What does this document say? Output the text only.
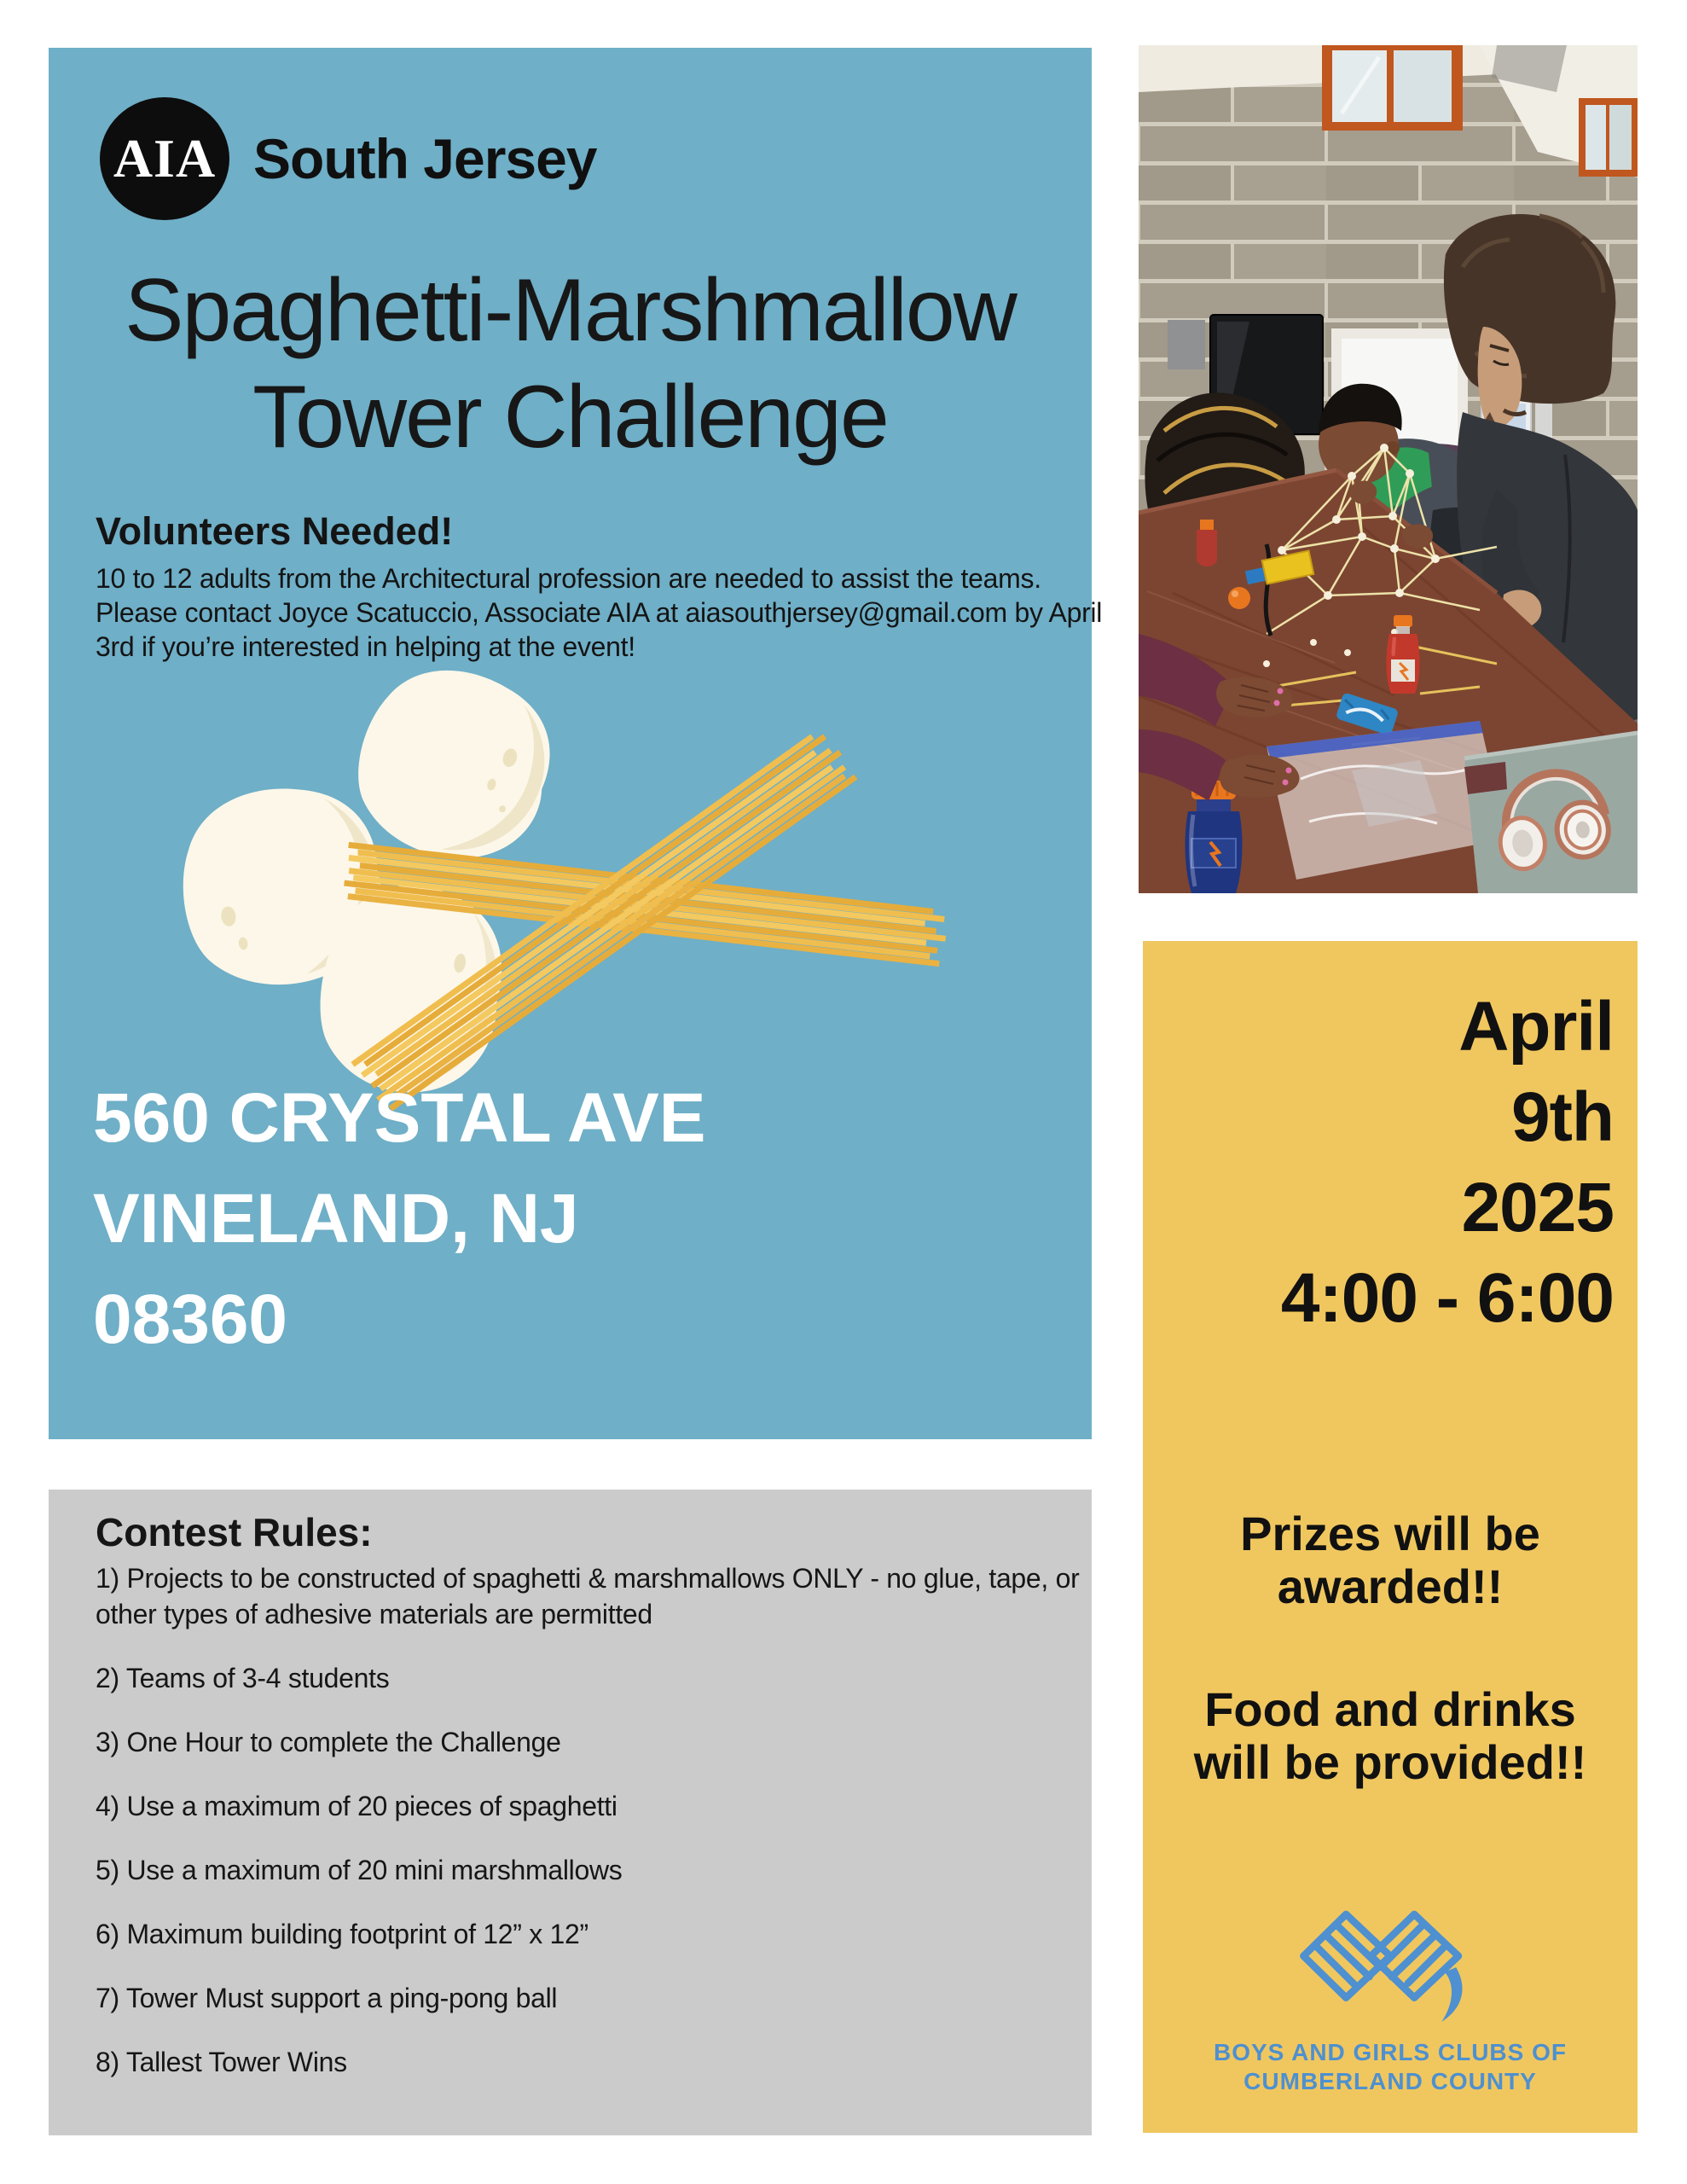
AIA South Jersey
Spaghetti-Marshmallow
Tower Challenge
Volunteers Needed!
10 to 12 adults from the Architectural profession are needed to assist the teams.
Please contact Joyce Scatuccio, Associate AIA at aiasouthjersey@gmail.com by April
3rd if you’re interested in helping at the event!
560 CRYSTAL AVE
VINELAND, NJ
08360
April
9th
2025
4:00 - 6:00
Prizes will be
awarded!!
Food and drinks
will be provided!!
BOYS AND GIRLS CLUBS OF
CUMBERLAND COUNTY
Contest Rules:
1) Projects to be constructed of spaghetti & marshmallows ONLY - no glue, tape, or other types of adhesive materials are permitted
2) Teams of 3-4 students
3) One Hour to complete the Challenge
4) Use a maximum of 20 pieces of spaghetti
5) Use a maximum of 20 mini marshmallows
6) Maximum building footprint of 12” x 12”
7) Tower Must support a ping-pong ball
8) Tallest Tower Wins
